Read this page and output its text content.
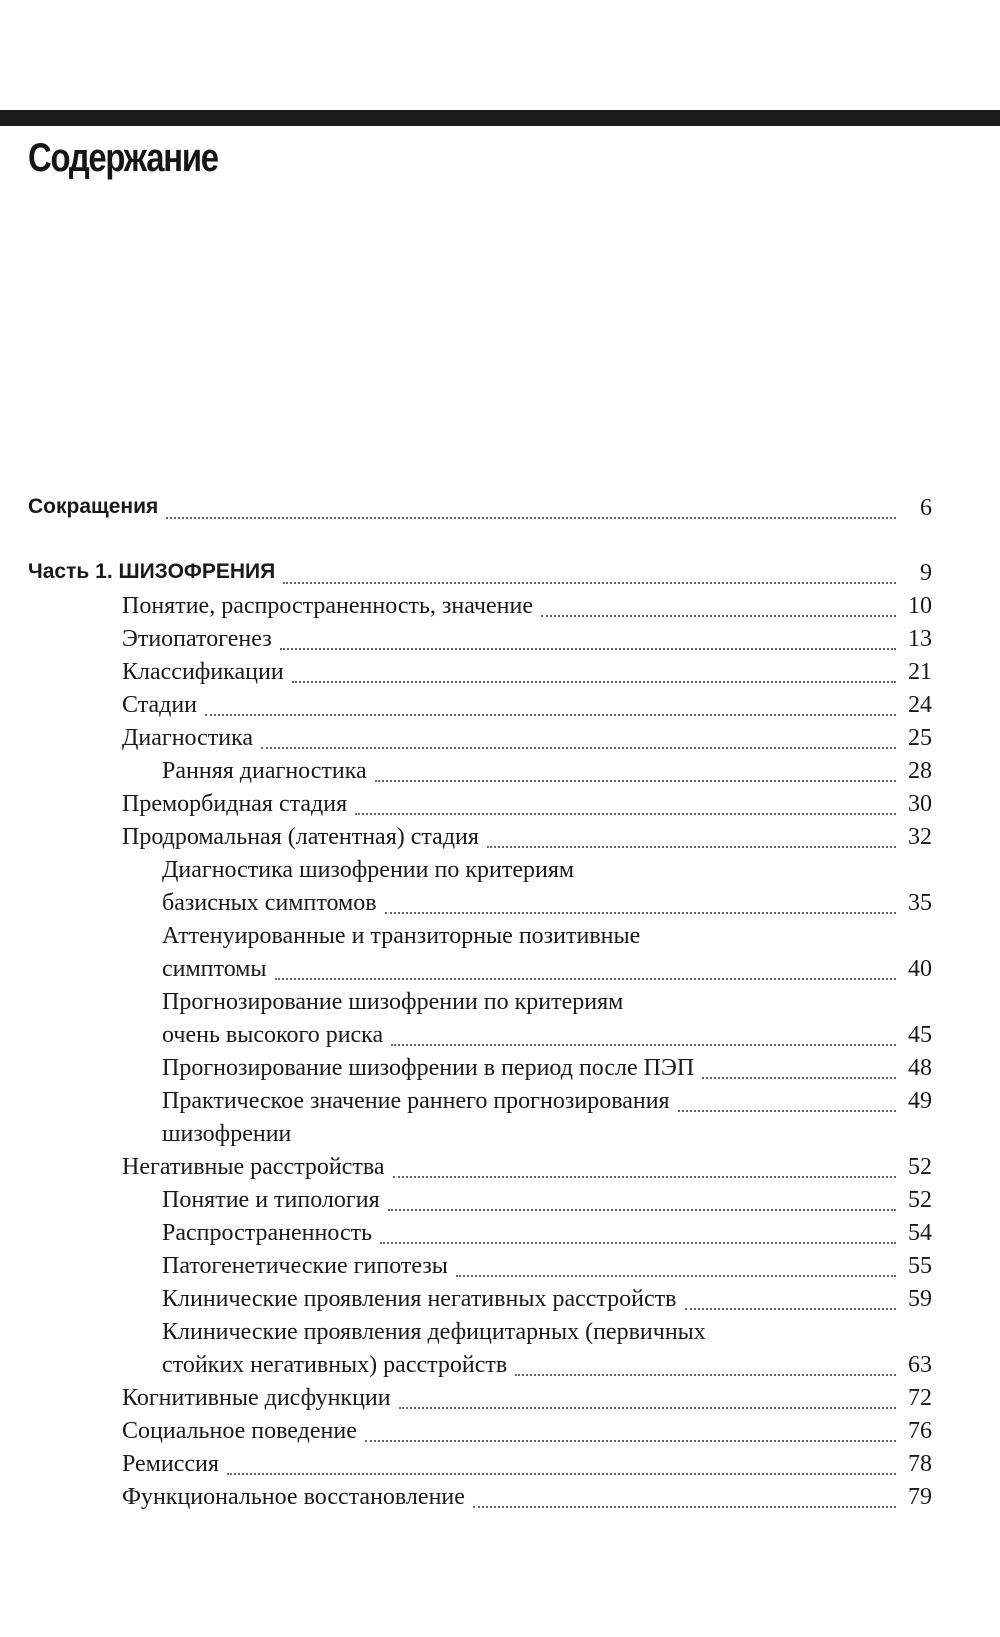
Содержание
Сокращения	6
Часть 1. ШИЗОФРЕНИЯ	9
Понятие, распространенность, значение	10
Этиопатогенез	13
Классификации	21
Стадии	24
Диагностика	25
Ранняя диагностика	28
Преморбидная стадия	30
Продромальная (латентная) стадия	32
Диагностика шизофрении по критериям
базисных симптомов	35
Аттенуированные и транзиторные позитивные
симптомы	40
Прогнозирование шизофрении по критериям
очень высокого риска	45
Прогнозирование шизофрении в период после ПЭП	48
Практическое значение раннего прогнозирования	49
шизофрении
Негативные расстройства	52
Понятие и типология	52
Распространенность	54
Патогенетические гипотезы	55
Клинические проявления негативных расстройств	59
Клинические проявления дефицитарных (первичных
стойких негативных) расстройств	63
Когнитивные дисфункции	72
Социальное поведение	76
Ремиссия	78
Функциональное восстановление	79
